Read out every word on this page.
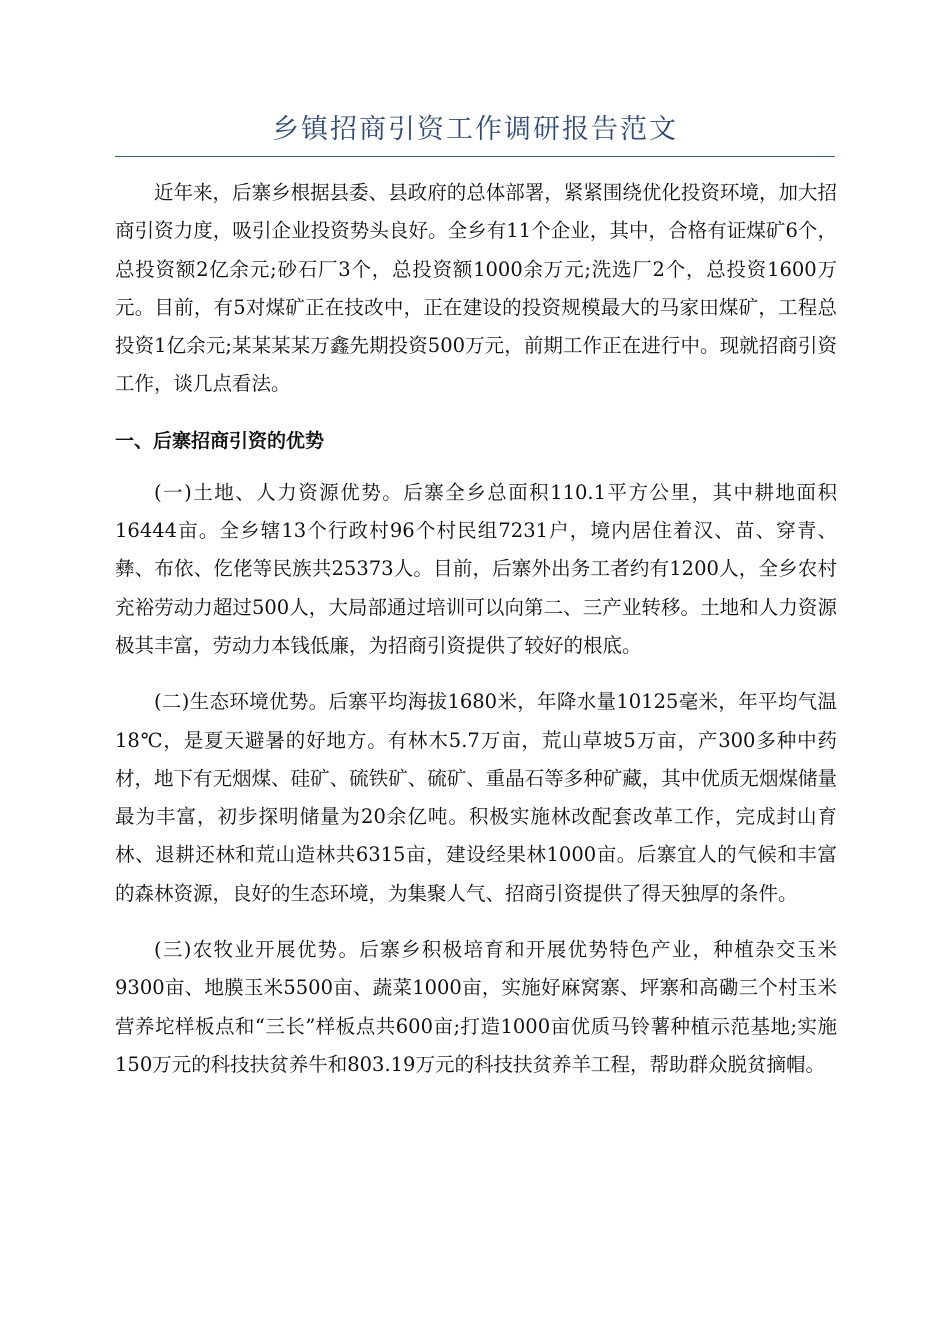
乡镇招商引资工作调研报告范文

近年来，后寨乡根据县委、县政府的总体部署，紧紧围绕优化投资环境，加大招商引资力度，吸引企业投资势头良好。全乡有11个企业，其中，合格有证煤矿6个，总投资额2亿余元;砂石厂3个，总投资额1000余万元;洗选厂2个，总投资1600万元。目前，有5对煤矿正在技改中，正在建设的投资规模最大的马家田煤矿，工程总投资1亿余元;某某某某万鑫先期投资500万元，前期工作正在进行中。现就招商引资工作，谈几点看法。

一、后寨招商引资的优势

(一)土地、人力资源优势。后寨全乡总面积110.1平方公里，其中耕地面积16444亩。全乡辖13个行政村96个村民组7231户，境内居住着汉、苗、穿青、彝、布依、仡佬等民族共25373人。目前，后寨外出务工者约有1200人，全乡农村充裕劳动力超过500人，大局部通过培训可以向第二、三产业转移。土地和人力资源极其丰富，劳动力本钱低廉，为招商引资提供了较好的根底。

(二)生态环境优势。后寨平均海拔1680米，年降水量10125毫米，年平均气温18℃，是夏天避暑的好地方。有林木5.7万亩，荒山草坡5万亩，产300多种中药材，地下有无烟煤、硅矿、硫铁矿、硫矿、重晶石等多种矿藏，其中优质无烟煤储量最为丰富，初步探明储量为20余亿吨。积极实施林改配套改革工作，完成封山育林、退耕还林和荒山造林共6315亩，建设经果林1000亩。后寨宜人的气候和丰富的森林资源，良好的生态环境，为集聚人气、招商引资提供了得天独厚的条件。

(三)农牧业开展优势。后寨乡积极培育和开展优势特色产业，种植杂交玉米9300亩、地膜玉米5500亩、蔬菜1000亩，实施好麻窝寨、坪寨和高磡三个村玉米营养坨样板点和“三长”样板点共600亩;打造1000亩优质马铃薯种植示范基地;实施150万元的科技扶贫养牛和803.19万元的科技扶贫养羊工程，帮助群众脱贫摘帽。
